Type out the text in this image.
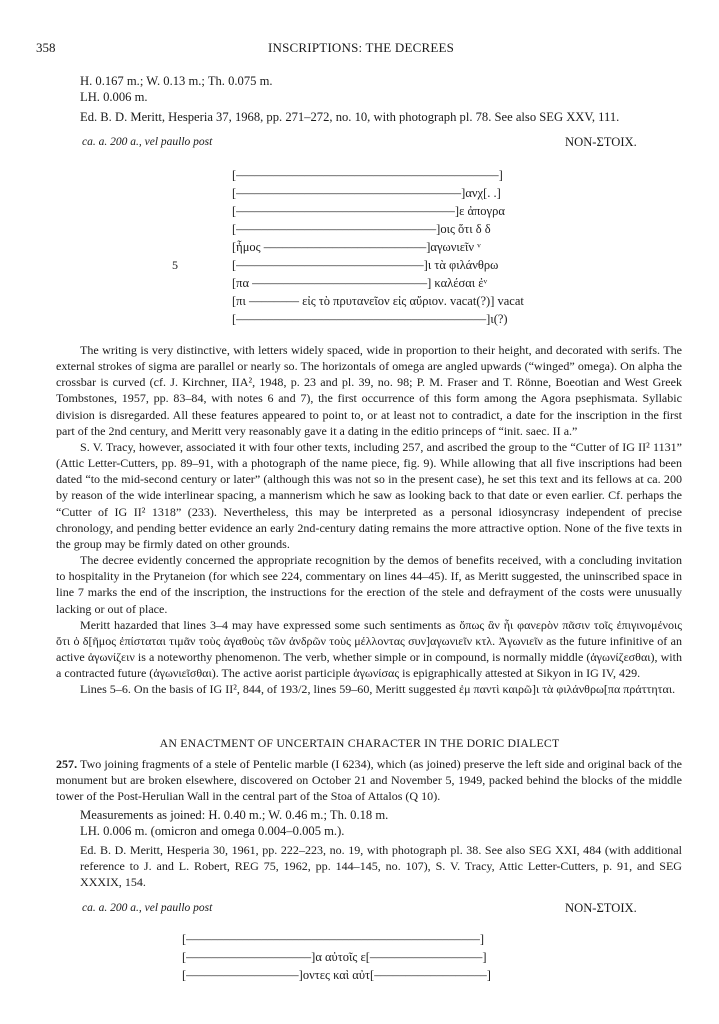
358	INSCRIPTIONS: THE DECREES
H. 0.167 m.; W. 0.13 m.; Th. 0.075 m.
LH. 0.006 m.
Ed. B. D. Meritt, Hesperia 37, 1968, pp. 271–272, no. 10, with photograph pl. 78. See also SEG XXV, 111.
ca. a. 200 a., vel paullo post	NON-ΣΤΟΙΧ.
[––––––––––––––––––––––––––––––––––––––––––]
[––––––––––––––––––––––––––––––––––––]ανχ[. .]
[–––––––––––––––––––––––––––––––––––]ε ἀπογρα
[––––––––––––––––––––––––––––––––]οις ὅτι δ δ
[ἧμος ––––––––––––––––––––––––––]αγωνιεῖν ᵛ
5	[––––––––––––––––––––––––––––––]ι τὰ φιλάνθρω
[πα ––––––––––––––––––––––––––––] καλέσαι ἐᵛ
[πι –––––––– εἰς τὸ πρυτανεῖον εἰς αὔριον. vacat(?)] vacat
[––––––––––––––––––––––––––––––––––––––––]ι(?)

The writing is very distinctive, with letters widely spaced, wide in proportion to their height, and decorated with serifs. The external strokes of sigma are parallel or nearly so. The horizontals of omega are angled upwards (“winged” omega). On alpha the crossbar is curved (cf. J. Kirchner, IIA², 1948, p. 23 and pl. 39, no. 98; P. M. Fraser and T. Rönne, Boeotian and West Greek Tombstones, 1957, pp. 83–84, with notes 6 and 7), the first occurrence of this form among the Agora psephismata. Syllabic division is disregarded. All these features appeared to point to, or at least not to contradict, a date for the inscription in the first part of the 2nd century, and Meritt very reasonably gave it a dating in the editio princeps of “init. saec. II a.”

S. V. Tracy, however, associated it with four other texts, including 257, and ascribed the group to the “Cutter of IG II² 1131” (Attic Letter-Cutters, pp. 89–91, with a photograph of the name piece, fig. 9). While allowing that all five inscriptions had been dated “to the mid-second century or later” (although this was not so in the present case), he set this text and its fellows at ca. 200 by reason of the wide interlinear spacing, a mannerism which he saw as looking back to that date or even earlier. Cf. perhaps the “Cutter of IG II² 1318” (233). Nevertheless, this may be interpreted as a personal idiosyncrasy independent of precise chronology, and pending better evidence an early 2nd-century dating remains the more attractive option. None of the five texts in the group may be firmly dated on other grounds.

The decree evidently concerned the appropriate recognition by the demos of benefits received, with a concluding invitation to hospitality in the Prytaneion (for which see 224, commentary on lines 44–45). If, as Meritt suggested, the uninscribed space in line 7 marks the end of the inscription, the instructions for the erection of the stele and defrayment of the costs were unusually lacking or out of place.

Meritt hazarded that lines 3–4 may have expressed some such sentiments as ὅπως ἂν ἦι φανερὸν πᾶσιν τοῖς ἐπιγινομένοις ὅτι ὁ δ[ῆμος ἐπίσταται τιμᾶν τοὺς ἀγαθοὺς τῶν ἀνδρῶν τοὺς μέλλοντας συν]αγωνιεῖν κτλ. Ἀγωνιεῖν as the future infinitive of an active ἀγωνίζειν is a noteworthy phenomenon. The verb, whether simple or in compound, is normally middle (ἀγωνίζεσθαι), with a contracted future (ἀγωνιεῖσθαι). The active aorist participle ἀγωνίσας is epigraphically attested at Sikyon in IG IV, 429.

Lines 5–6. On the basis of IG II², 844, of 193/2, lines 59–60, Meritt suggested ἐμ παντὶ καιρῶ]ι τὰ φιλάνθρω[πα πράττηται.

AN ENACTMENT OF UNCERTAIN CHARACTER IN THE DORIC DIALECT

257. Two joining fragments of a stele of Pentelic marble (I 6234), which (as joined) preserve the left side and original back of the monument but are broken elsewhere, discovered on October 21 and November 5, 1949, packed behind the blocks of the middle tower of the Post-Herulian Wall in the central part of the Stoa of Attalos (Q 10).

Measurements as joined: H. 0.40 m.; W. 0.46 m.; Th. 0.18 m.
LH. 0.006 m. (omicron and omega 0.004–0.005 m.).

Ed. B. D. Meritt, Hesperia 30, 1961, pp. 222–223, no. 19, with photograph pl. 38. See also SEG XXI, 484 (with additional reference to J. and L. Robert, REG 75, 1962, pp. 144–145, no. 107), S. V. Tracy, Attic Letter-Cutters, p. 91, and SEG XXXIX, 154.

ca. a. 200 a., vel paullo post	NON-ΣΤΟΙΧ.
[–––––––––––––––––––––––––––––––––––––––––––––––]
[––––––––––––––––––––]α αὐτοῖς ε[––––––––––––––––––]
[––––––––––––––––––]οντες καὶ αὐτ[––––––––––––––––––]
